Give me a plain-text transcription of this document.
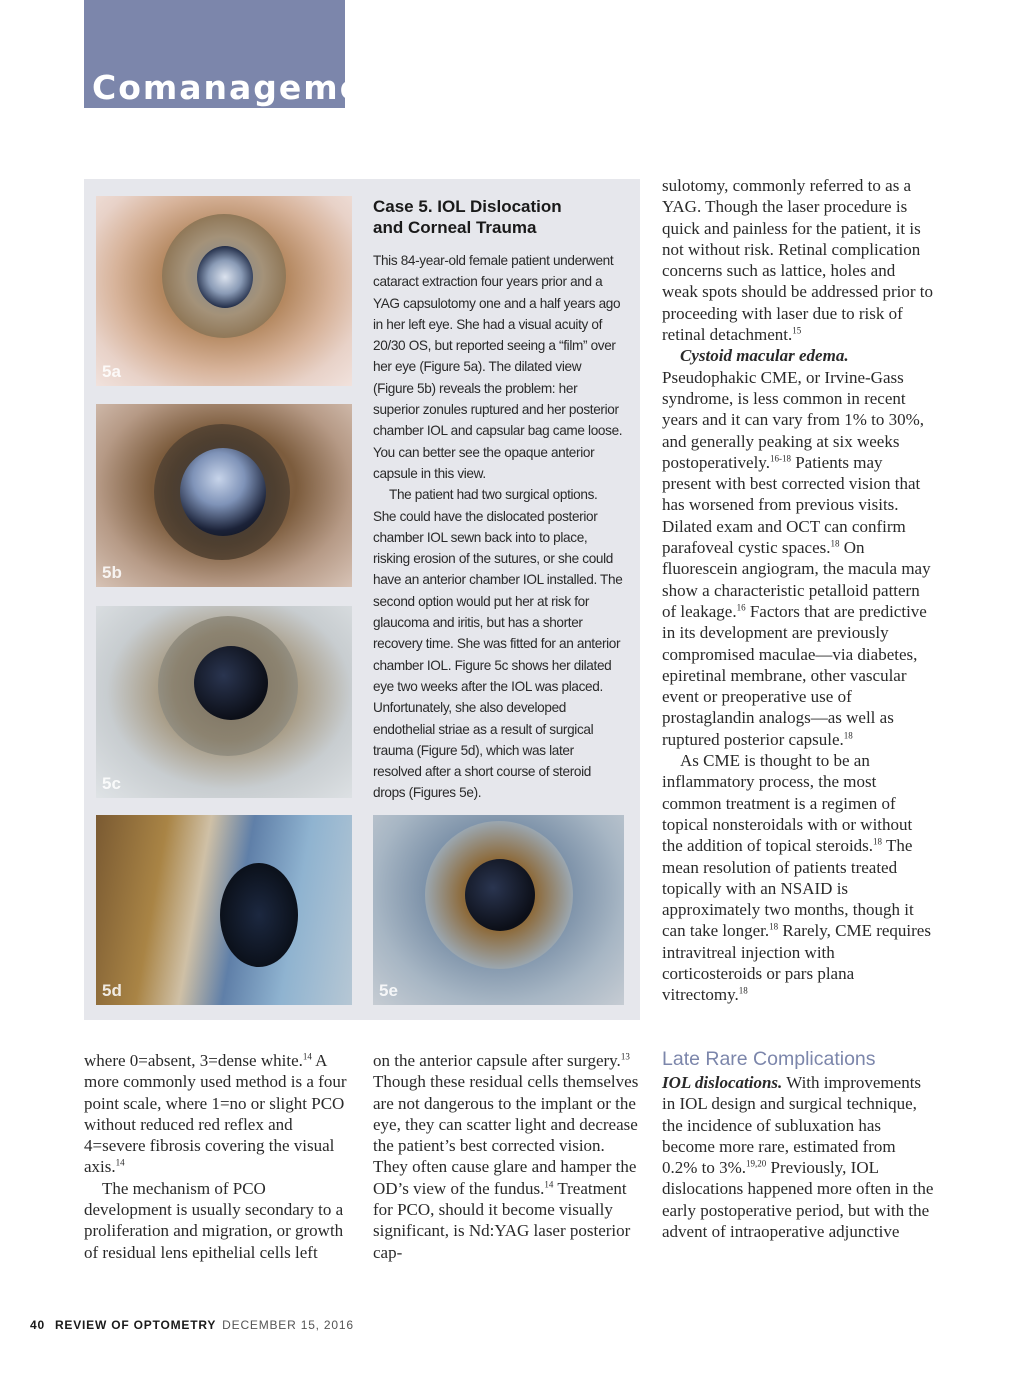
Comanagement
5a
5b
5c
5d	5e
Case 5. IOL Dislocation
and Corneal Trauma

This 84-year-old female patient underwent cataract extraction four years prior and a YAG capsulotomy one and a half years ago in her left eye. She had a visual acuity of 20/30 OS, but reported seeing a “film” over her eye (Figure 5a). The dilated view (Figure 5b) reveals the problem: her superior zonules ruptured and her posterior chamber IOL and capsular bag came loose. You can better see the opaque anterior capsule in this view.

The patient had two surgical options. She could have the dislocated posterior chamber IOL sewn back into to place, risking erosion of the sutures, or she could have an anterior chamber IOL installed. The second option would put her at risk for glaucoma and iritis, but has a shorter recovery time. She was fitted for an anterior chamber IOL. Figure 5c shows her dilated eye two weeks after the IOL was placed. Unfortunately, she also developed endothelial striae as a result of surgical trauma (Figure 5d), which was later resolved after a short course of steroid drops (Figures 5e).

sulotomy, commonly referred to as a YAG. Though the laser procedure is quick and painless for the patient, it is not without risk. Retinal complication concerns such as lattice, holes and weak spots should be addressed prior to proceeding with laser due to risk of retinal detachment.$^{15}$

Cystoid macular edema. Pseudophakic CME, or Irvine-Gass syndrome, is less common in recent years and it can vary from 1% to 30%, and generally peaking at six weeks postoperatively.$^{16-18}$ Patients may present with best corrected vision that has worsened from previous visits. Dilated exam and OCT can confirm parafoveal cystic spaces.$^{18}$ On fluorescein angiogram, the macula may show a characteristic petalloid pattern of leakage.$^{16}$ Factors that are predictive in its development are previously compromised maculae—via diabetes, epiretinal membrane, other vascular event or preoperative use of prostaglandin analogs—as well as ruptured posterior capsule.$^{18}$

As CME is thought to be an inflammatory process, the most common treatment is a regimen of topical nonsteroidals with or without the addition of topical steroids.$^{18}$ The mean resolution of patients treated topically with an NSAID is approximately two months, though it can take longer.$^{18}$ Rarely, CME requires intravitreal injection with corticosteroids or pars plana vitrectomy.$^{18}$

where 0=absent, 3=dense white.$^{14}$ A more commonly used method is a four point scale, where 1=no or slight PCO without reduced red reflex and 4=severe fibrosis covering the visual axis.$^{14}$

The mechanism of PCO development is usually secondary to a proliferation and migration, or growth of residual lens epithelial cells left

on the anterior capsule after surgery.$^{13}$ Though these residual cells themselves are not dangerous to the implant or the eye, they can scatter light and decrease the patient’s best corrected vision. They often cause glare and hamper the OD’s view of the fundus.$^{14}$ Treatment for PCO, should it become visually significant, is Nd:YAG laser posterior cap-

Late Rare Complications

IOL dislocations. With improvements in IOL design and surgical technique, the incidence of subluxation has become more rare, estimated from 0.2% to 3%.$^{19,20}$ Previously, IOL dislocations happened more often in the early postoperative period, but with the advent of intraoperative adjunctive

40 REVIEW OF OPTOMETRY DECEMBER 15, 2016
